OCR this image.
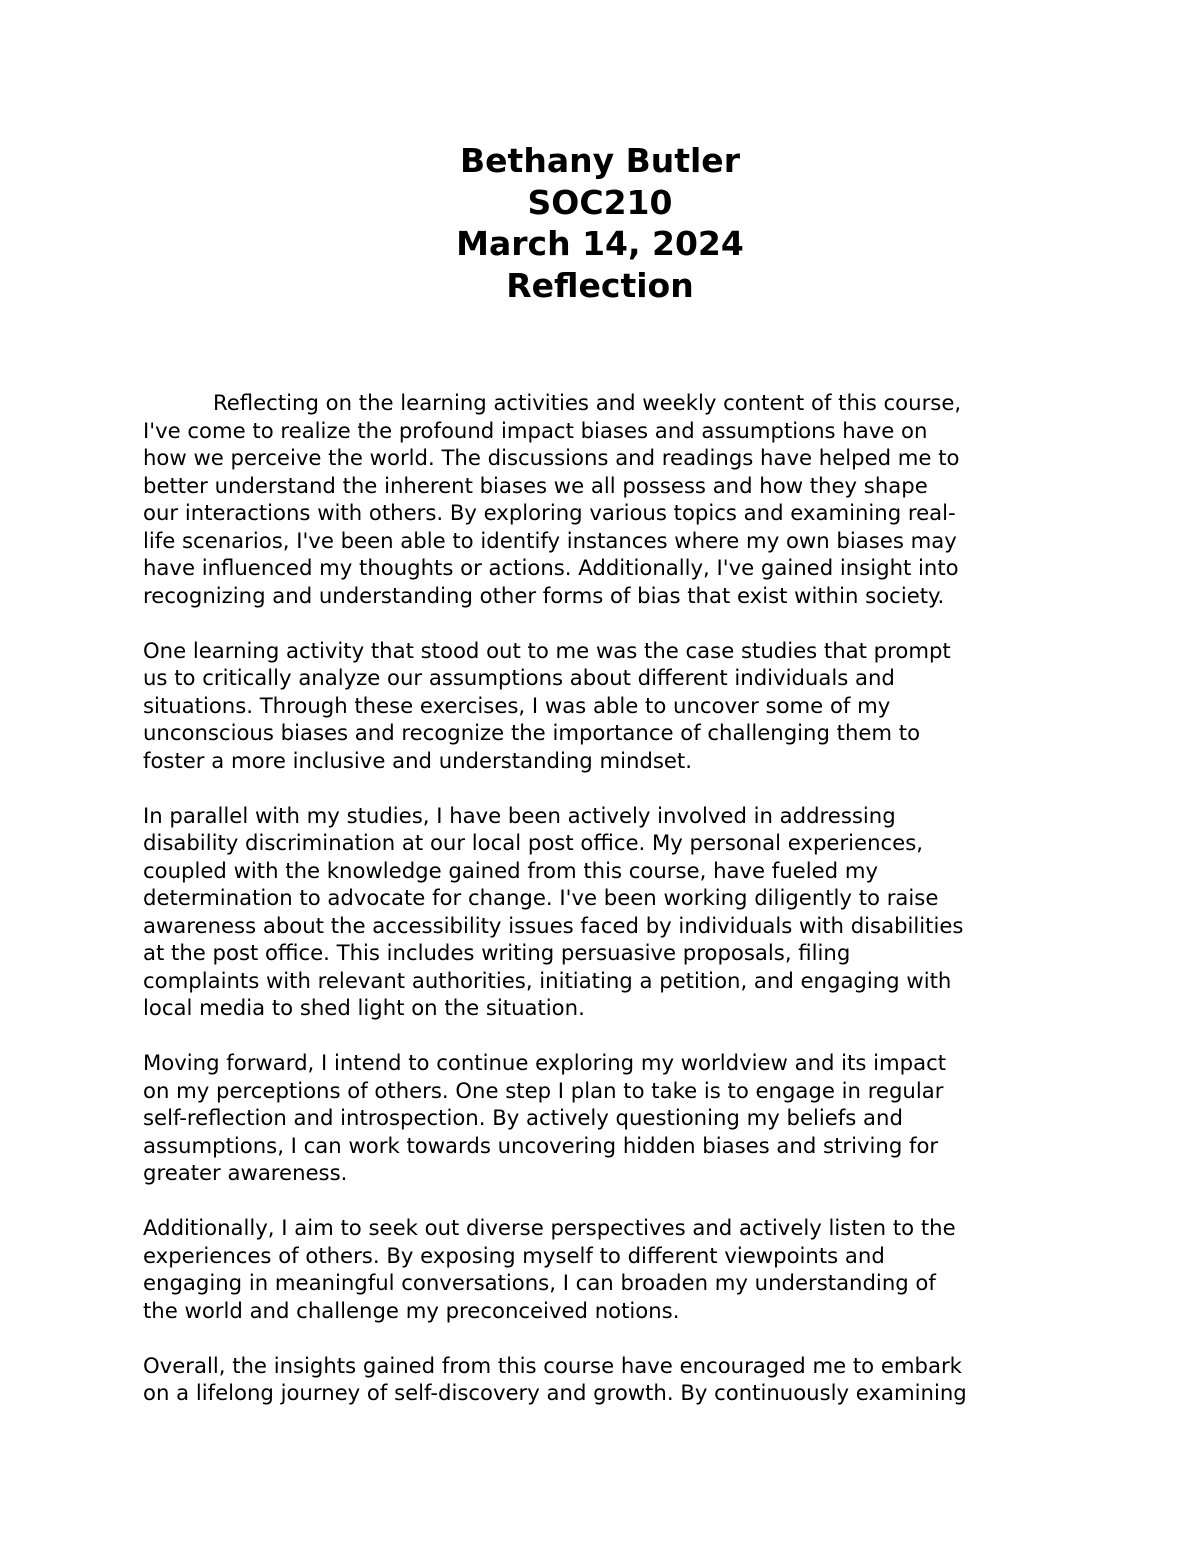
Bethany Butler
SOC210
March 14, 2024
Reflection

Reflecting on the learning activities and weekly content of this course,
I've come to realize the profound impact biases and assumptions have on
how we perceive the world. The discussions and readings have helped me to
better understand the inherent biases we all possess and how they shape
our interactions with others. By exploring various topics and examining real-
life scenarios, I've been able to identify instances where my own biases may
have influenced my thoughts or actions. Additionally, I've gained insight into
recognizing and understanding other forms of bias that exist within society.

One learning activity that stood out to me was the case studies that prompt
us to critically analyze our assumptions about different individuals and
situations. Through these exercises, I was able to uncover some of my
unconscious biases and recognize the importance of challenging them to
foster a more inclusive and understanding mindset.

In parallel with my studies, I have been actively involved in addressing
disability discrimination at our local post office. My personal experiences,
coupled with the knowledge gained from this course, have fueled my
determination to advocate for change. I've been working diligently to raise
awareness about the accessibility issues faced by individuals with disabilities
at the post office. This includes writing persuasive proposals, filing
complaints with relevant authorities, initiating a petition, and engaging with
local media to shed light on the situation.

Moving forward, I intend to continue exploring my worldview and its impact
on my perceptions of others. One step I plan to take is to engage in regular
self-reflection and introspection. By actively questioning my beliefs and
assumptions, I can work towards uncovering hidden biases and striving for
greater awareness.

Additionally, I aim to seek out diverse perspectives and actively listen to the
experiences of others. By exposing myself to different viewpoints and
engaging in meaningful conversations, I can broaden my understanding of
the world and challenge my preconceived notions.

Overall, the insights gained from this course have encouraged me to embark
on a lifelong journey of self-discovery and growth. By continuously examining
